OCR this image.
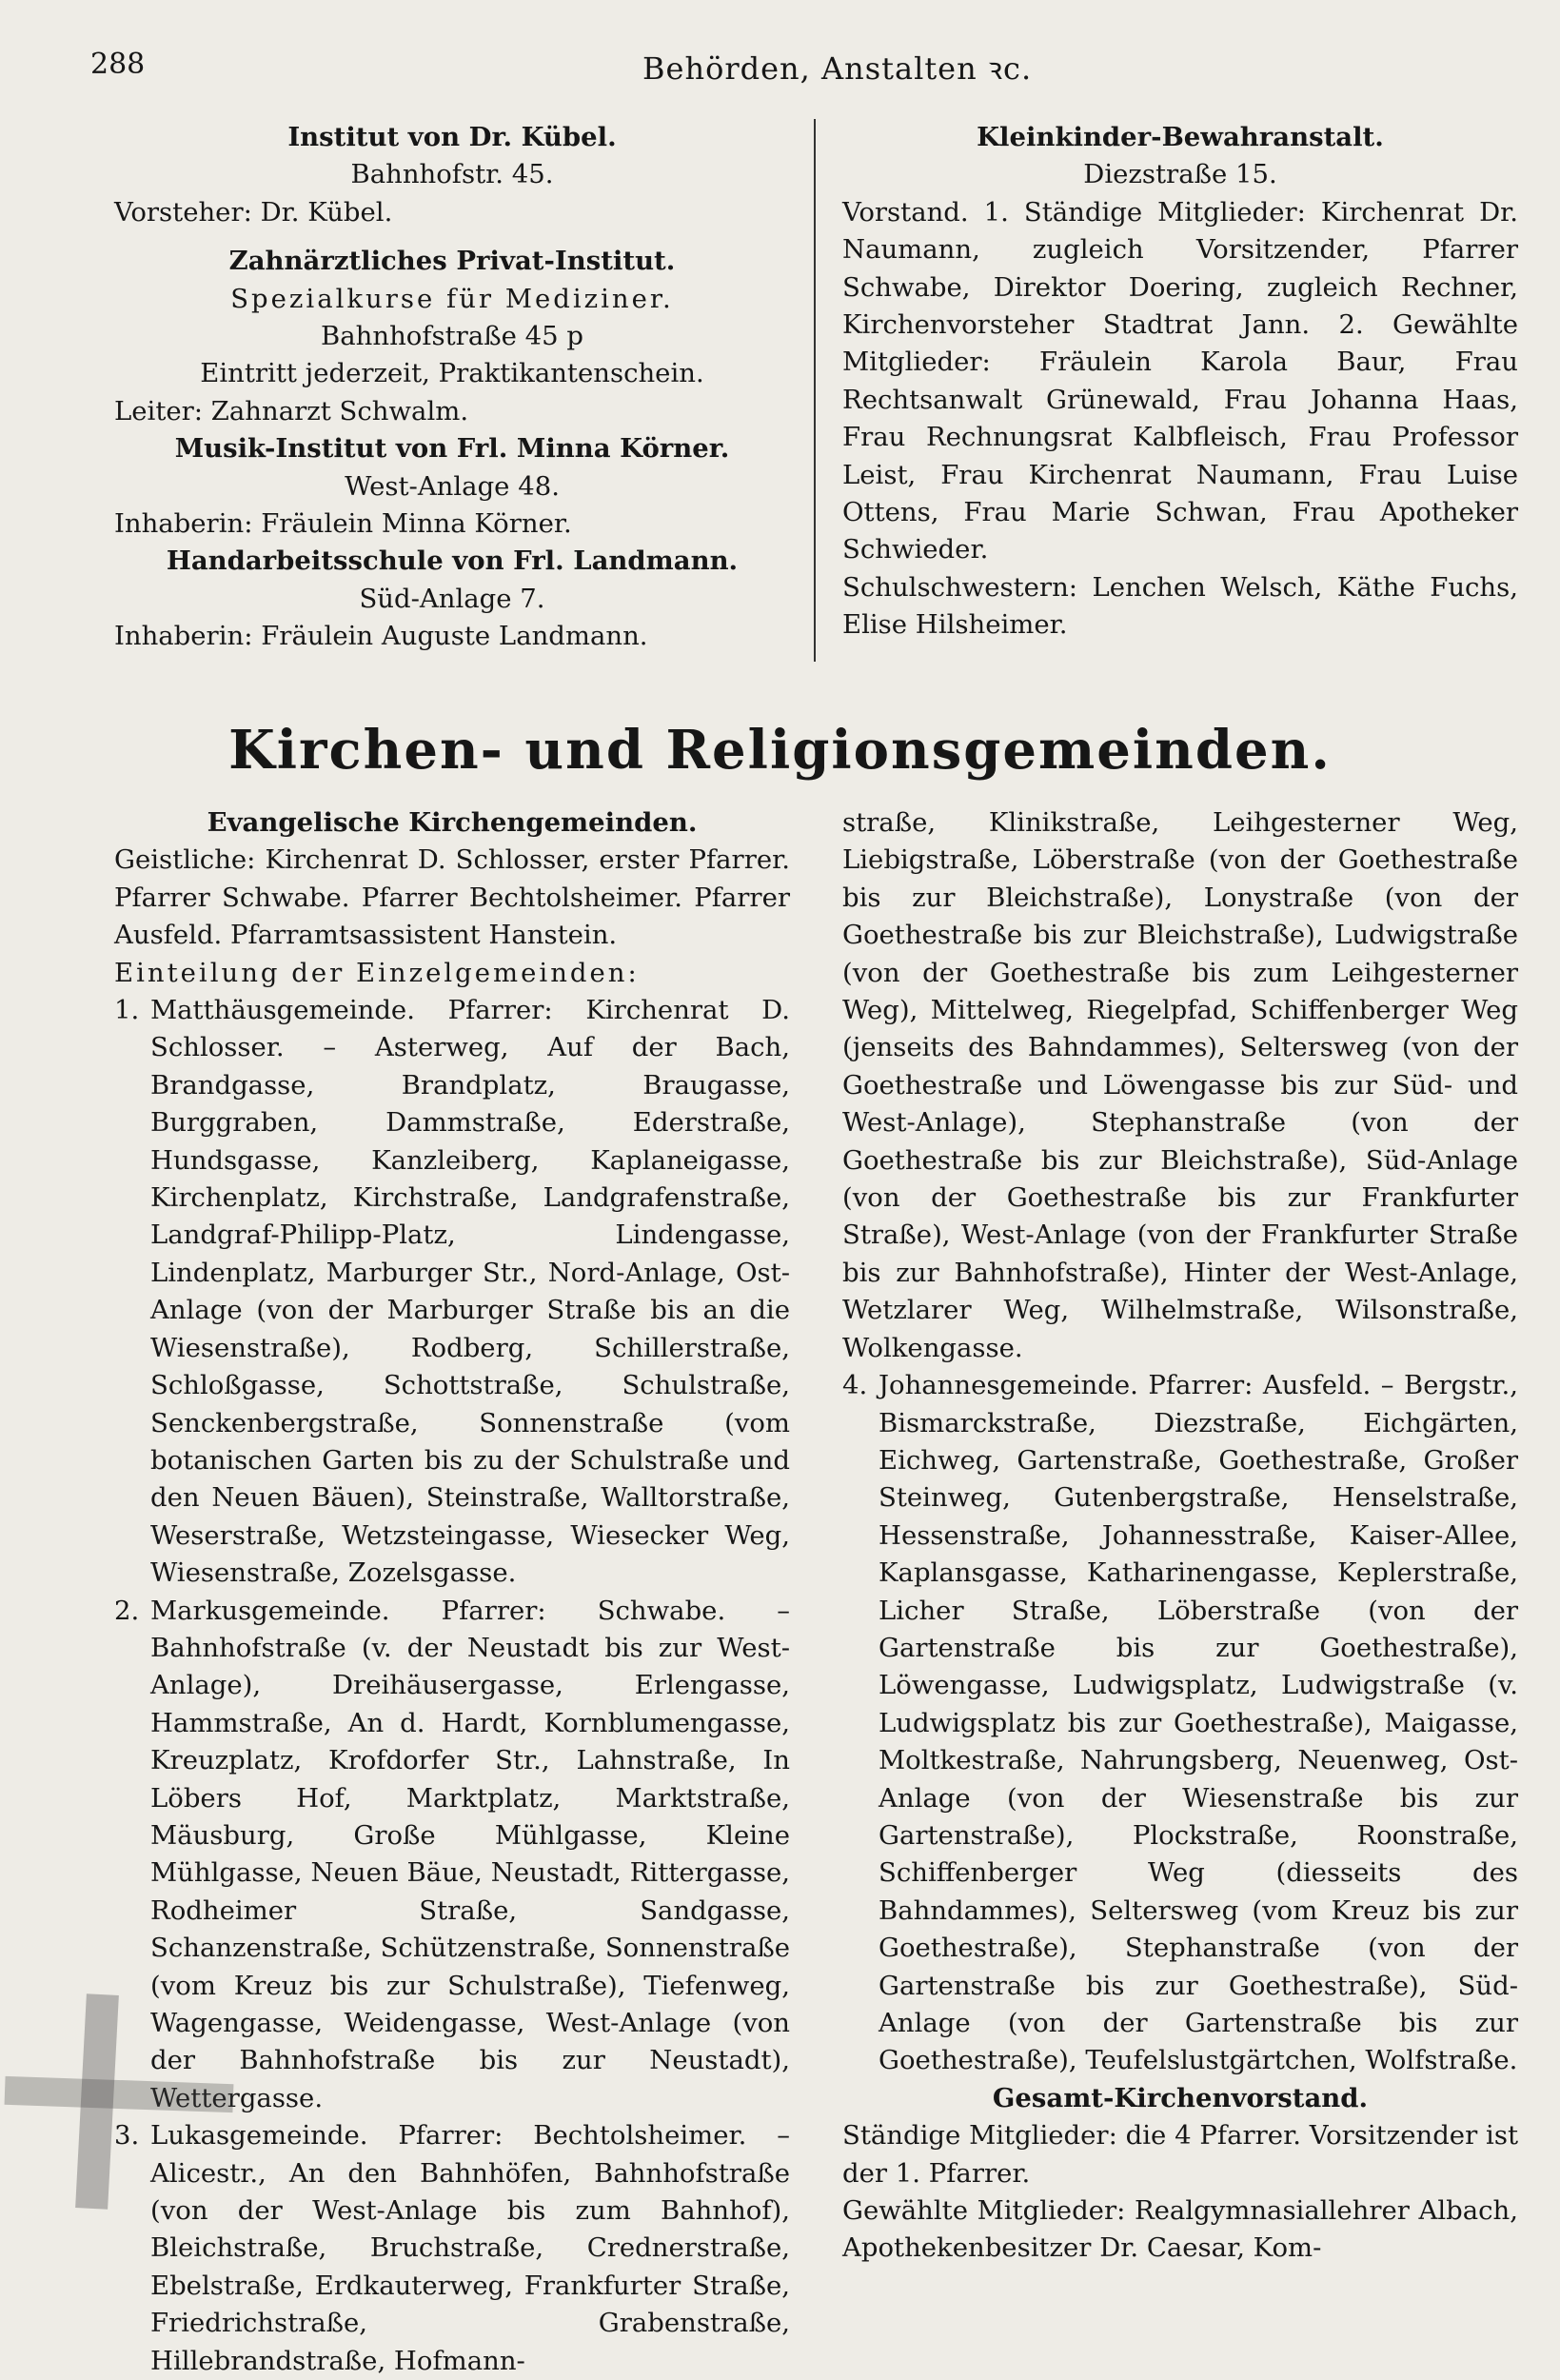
288	Behörden, Anstalten ꝛc.

Institut von Dr. Kübel.

Bahnhofstr. 45.

Vorsteher: Dr. Kübel.

Zahnärztliches Privat-Institut.

Spezialkurse für Mediziner.

Bahnhofstraße 45 p

Eintritt jederzeit, Praktikantenschein.

Leiter: Zahnarzt Schwalm.

Musik-Institut von Frl. Minna Körner.

West-Anlage 48.

Inhaberin: Fräulein Minna Körner.

Handarbeitsschule von Frl. Landmann.

Süd-Anlage 7.

Inhaberin: Fräulein Auguste Landmann.

Kleinkinder-Bewahranstalt.

Diezstraße 15.

Vorstand. 1. Ständige Mitglieder: Kirchenrat Dr. Naumann, zugleich Vorsitzender, Pfarrer Schwabe, Direktor Doering, zugleich Rechner, Kirchenvorsteher Stadtrat Jann. 2. Gewählte Mitglieder: Fräulein Karola Baur, Frau Rechtsanwalt Grünewald, Frau Johanna Haas, Frau Rechnungsrat Kalbfleisch, Frau Professor Leist, Frau Kirchenrat Naumann, Frau Luise Ottens, Frau Marie Schwan, Frau Apotheker Schwieder.

Schulschwestern: Lenchen Welsch, Käthe Fuchs, Elise Hilsheimer.

Kirchen- und Religionsgemeinden.

Evangelische Kirchengemeinden.

Geistliche: Kirchenrat D. Schlosser, erster Pfarrer. Pfarrer Schwabe. Pfarrer Bechtolsheimer. Pfarrer Ausfeld. Pfarramtsassistent Hanstein.

Einteilung der Einzelgemeinden:

1. Matthäusgemeinde. Pfarrer: Kirchenrat D. Schlosser. – Asterweg, Auf der Bach, Brandgasse, Brandplatz, Braugasse, Burggraben, Dammstraße, Ederstraße, Hundsgasse, Kanzleiberg, Kaplaneigasse, Kirchenplatz, Kirchstraße, Landgrafenstraße, Landgraf-Philipp-Platz, Lindengasse, Lindenplatz, Marburger Str., Nord-Anlage, Ost-Anlage (von der Marburger Straße bis an die Wiesenstraße), Rodberg, Schillerstraße, Schloßgasse, Schottstraße, Schulstraße, Senckenbergstraße, Sonnenstraße (vom botanischen Garten bis zu der Schulstraße und den Neuen Bäuen), Steinstraße, Walltorstraße, Weserstraße, Wetzsteingasse, Wiesecker Weg, Wiesenstraße, Zozelsgasse.
2. Markusgemeinde. Pfarrer: Schwabe. – Bahnhofstraße (v. der Neustadt bis zur West-Anlage), Dreihäusergasse, Erlengasse, Hammstraße, An d. Hardt, Kornblumengasse, Kreuzplatz, Krofdorfer Str., Lahnstraße, In Löbers Hof, Marktplatz, Marktstraße, Mäusburg, Große Mühlgasse, Kleine Mühlgasse, Neuen Bäue, Neustadt, Rittergasse, Rodheimer Straße, Sandgasse, Schanzenstraße, Schützenstraße, Sonnenstraße (vom Kreuz bis zur Schulstraße), Tiefenweg, Wagengasse, Weidengasse, West-Anlage (von der Bahnhofstraße bis zur Neustadt), Wettergasse.
3. Lukasgemeinde. Pfarrer: Bechtolsheimer. – Alicestr., An den Bahnhöfen, Bahnhofstraße (von der West-Anlage bis zum Bahnhof), Bleichstraße, Bruchstraße, Crednerstraße, Ebelstraße, Erdkauterweg, Frankfurter Straße, Friedrichstraße, Grabenstraße, Hillebrandstraße, Hofmann-

straße, Klinikstraße, Leihgesterner Weg, Liebigstraße, Löberstraße (von der Goethestraße bis zur Bleichstraße), Lonystraße (von der Goethestraße bis zur Bleichstraße), Ludwigstraße (von der Goethestraße bis zum Leihgesterner Weg), Mittelweg, Riegelpfad, Schiffenberger Weg (jenseits des Bahndammes), Seltersweg (von der Goethestraße und Löwengasse bis zur Süd- und West-Anlage), Stephanstraße (von der Goethestraße bis zur Bleichstraße), Süd-Anlage (von der Goethestraße bis zur Frankfurter Straße), West-Anlage (von der Frankfurter Straße bis zur Bahnhofstraße), Hinter der West-Anlage, Wetzlarer Weg, Wilhelmstraße, Wilsonstraße, Wolkengasse.

4. Johannesgemeinde. Pfarrer: Ausfeld. – Bergstr., Bismarckstraße, Diezstraße, Eichgärten, Eichweg, Gartenstraße, Goethestraße, Großer Steinweg, Gutenbergstraße, Henselstraße, Hessenstraße, Johannesstraße, Kaiser-Allee, Kaplansgasse, Katharinengasse, Keplerstraße, Licher Straße, Löberstraße (von der Gartenstraße bis zur Goethestraße), Löwengasse, Ludwigsplatz, Ludwigstraße (v. Ludwigsplatz bis zur Goethestraße), Maigasse, Moltkestraße, Nahrungsberg, Neuenweg, Ost-Anlage (von der Wiesenstraße bis zur Gartenstraße), Plockstraße, Roonstraße, Schiffenberger Weg (diesseits des Bahndammes), Seltersweg (vom Kreuz bis zur Goethestraße), Stephanstraße (von der Gartenstraße bis zur Goethestraße), Süd-Anlage (von der Gartenstraße bis zur Goethestraße), Teufelslustgärtchen, Wolfstraße.

Gesamt-Kirchenvorstand.

Ständige Mitglieder: die 4 Pfarrer. Vorsitzender ist der 1. Pfarrer.

Gewählte Mitglieder: Realgymnasiallehrer Albach, Apothekenbesitzer Dr. Caesar, Kom-
